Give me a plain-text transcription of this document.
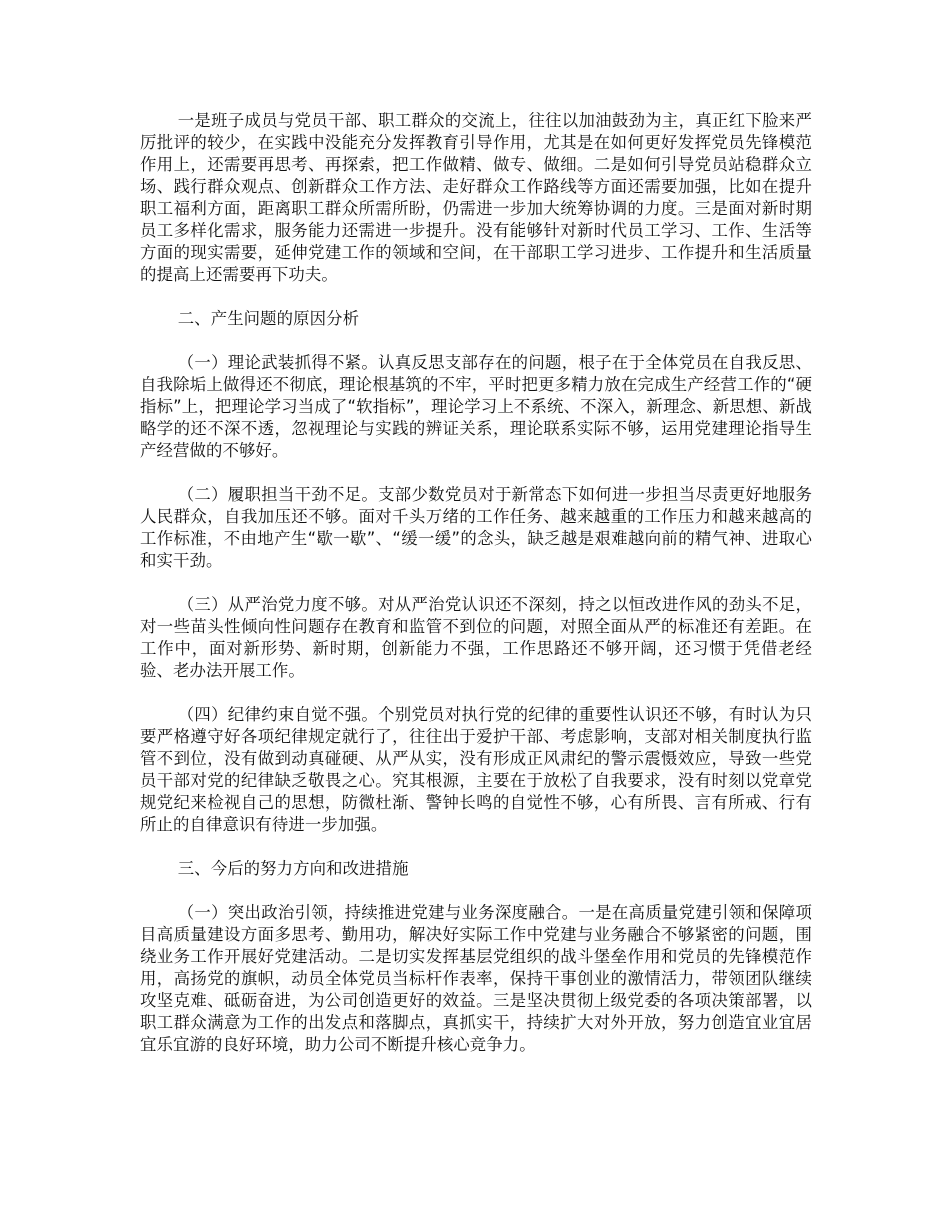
一是班子成员与党员干部、职工群众的交流上，往往以加油鼓劲为主，真正红下脸来严厉批评的较少，在实践中没能充分发挥教育引导作用，尤其是在如何更好发挥党员先锋模范作用上，还需要再思考、再探索，把工作做精、做专、做细。二是如何引导党员站稳群众立场、践行群众观点、创新群众工作方法、走好群众工作路线等方面还需要加强，比如在提升职工福利方面，距离职工群众所需所盼，仍需进一步加大统筹协调的力度。三是面对新时期员工多样化需求，服务能力还需进一步提升。没有能够针对新时代员工学习、工作、生活等方面的现实需要，延伸党建工作的领域和空间，在干部职工学习进步、工作提升和生活质量的提高上还需要再下功夫。

二、产生问题的原因分析

（一）理论武装抓得不紧。认真反思支部存在的问题，根子在于全体党员在自我反思、自我除垢上做得还不彻底，理论根基筑的不牢，平时把更多精力放在完成生产经营工作的“硬指标”上，把理论学习当成了“软指标”，理论学习上不系统、不深入，新理念、新思想、新战略学的还不深不透，忽视理论与实践的辨证关系，理论联系实际不够，运用党建理论指导生产经营做的不够好。

（二）履职担当干劲不足。支部少数党员对于新常态下如何进一步担当尽责更好地服务人民群众，自我加压还不够。面对千头万绪的工作任务、越来越重的工作压力和越来越高的工作标准，不由地产生“歇一歇”、“缓一缓”的念头，缺乏越是艰难越向前的精气神、进取心和实干劲。

（三）从严治党力度不够。对从严治党认识还不深刻，持之以恒改进作风的劲头不足，对一些苗头性倾向性问题存在教育和监管不到位的问题，对照全面从严的标准还有差距。在工作中，面对新形势、新时期，创新能力不强，工作思路还不够开阔，还习惯于凭借老经验、老办法开展工作。

（四）纪律约束自觉不强。个别党员对执行党的纪律的重要性认识还不够，有时认为只要严格遵守好各项纪律规定就行了，往往出于爱护干部、考虑影响，支部对相关制度执行监管不到位，没有做到动真碰硬、从严从实，没有形成正风肃纪的警示震慑效应，导致一些党员干部对党的纪律缺乏敬畏之心。究其根源，主要在于放松了自我要求，没有时刻以党章党规党纪来检视自己的思想，防微杜渐、警钟长鸣的自觉性不够，心有所畏、言有所戒、行有所止的自律意识有待进一步加强。

三、今后的努力方向和改进措施

（一）突出政治引领，持续推进党建与业务深度融合。一是在高质量党建引领和保障项目高质量建设方面多思考、勤用功，解决好实际工作中党建与业务融合不够紧密的问题，围绕业务工作开展好党建活动。二是切实发挥基层党组织的战斗堡垒作用和党员的先锋模范作用，高扬党的旗帜，动员全体党员当标杆作表率，保持干事创业的激情活力，带领团队继续攻坚克难、砥砺奋进，为公司创造更好的效益。三是坚决贯彻上级党委的各项决策部署，以职工群众满意为工作的出发点和落脚点，真抓实干，持续扩大对外开放，努力创造宜业宜居宜乐宜游的良好环境，助力公司不断提升核心竞争力。
